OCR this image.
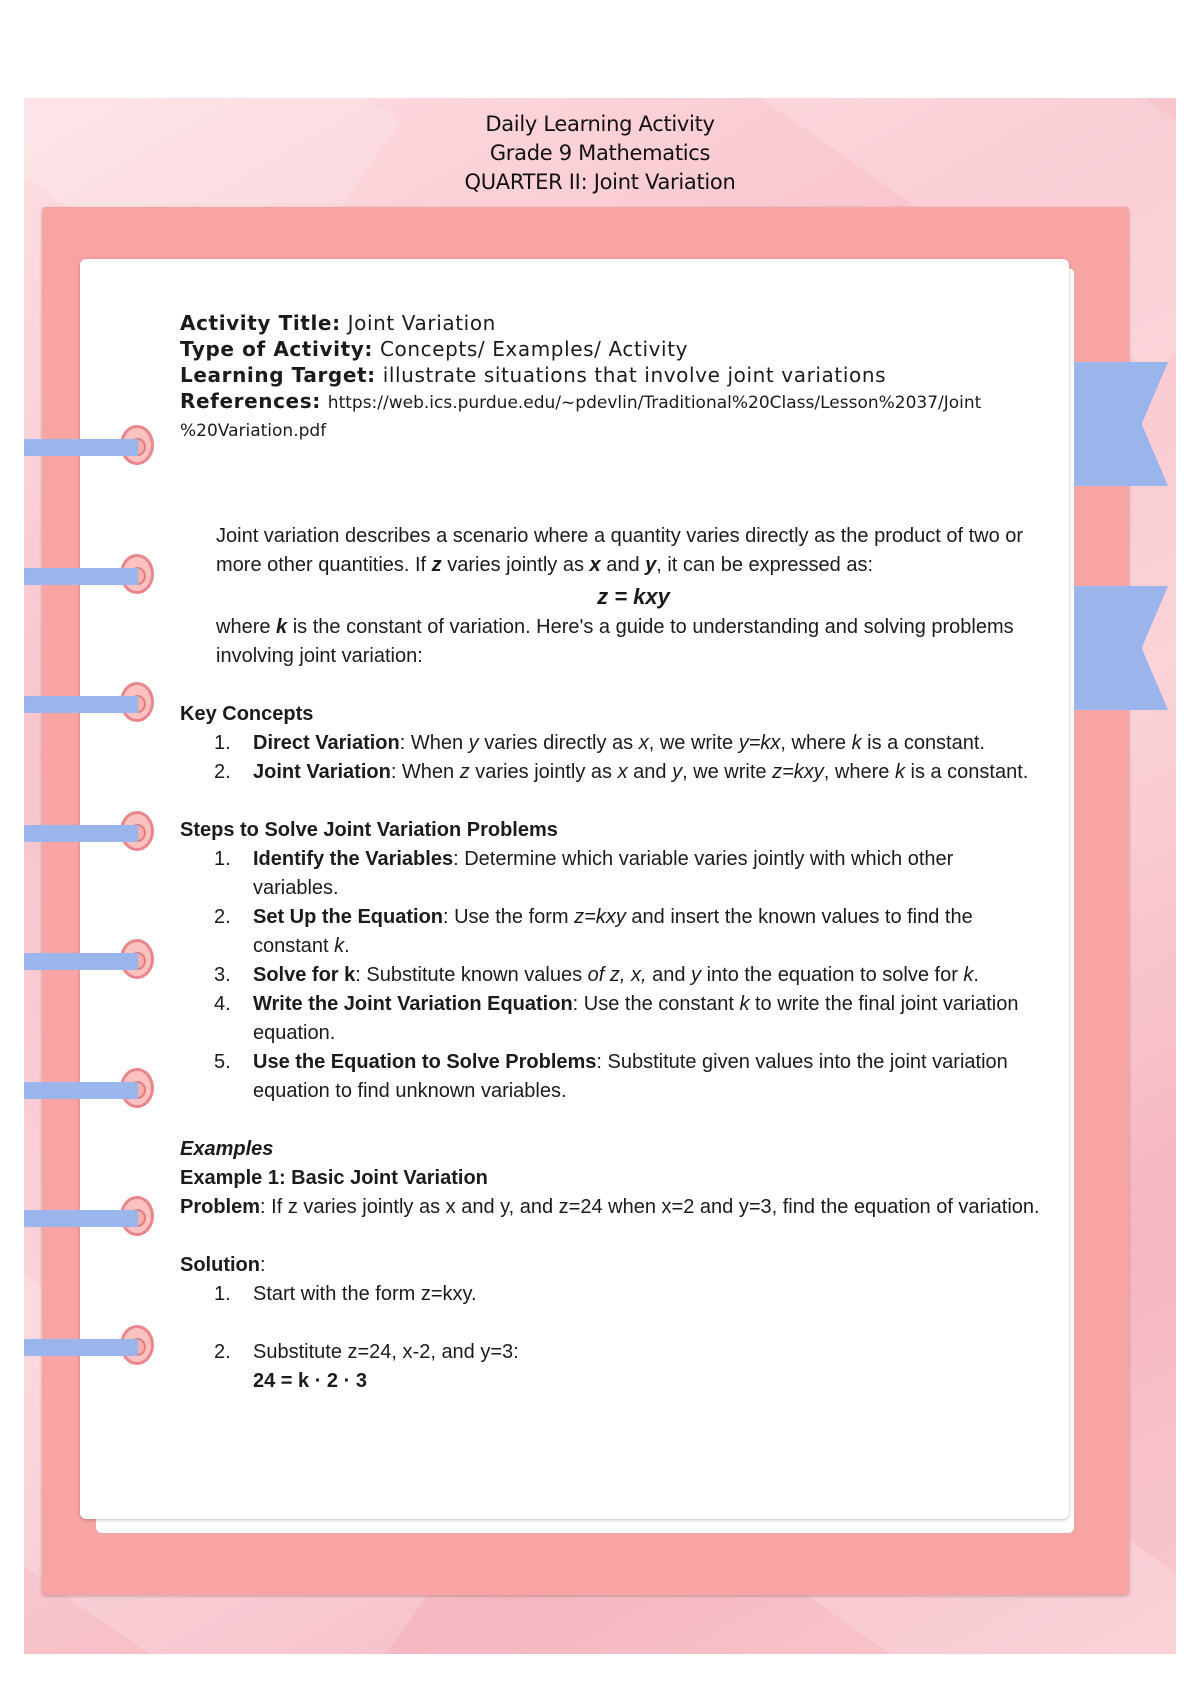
Daily Learning Activity
Grade 9 Mathematics
QUARTER II: Joint Variation
Activity Title: Joint Variation
Type of Activity: Concepts/ Examples/ Activity
Learning Target: illustrate situations that involve joint variations
References: https://web.ics.purdue.edu/~pdevlin/Traditional%20Class/Lesson%2037/Joint %20Variation.pdf
Joint variation describes a scenario where a quantity varies directly as the product of two or more other quantities. If z varies jointly as x and y, it can be expressed as:
z = kxy
where k is the constant of variation. Here's a guide to understanding and solving problems involving joint variation:
Key Concepts
1. Direct Variation: When y varies directly as x, we write y=kx, where k is a constant.
2. Joint Variation: When z varies jointly as x and y, we write z=kxy, where k is a constant.
Steps to Solve Joint Variation Problems
1. Identify the Variables: Determine which variable varies jointly with which other variables.
2. Set Up the Equation: Use the form z=kxy and insert the known values to find the constant k.
3. Solve for k: Substitute known values of z, x, and y into the equation to solve for k.
4. Write the Joint Variation Equation: Use the constant k to write the final joint variation equation.
5. Use the Equation to Solve Problems: Substitute given values into the joint variation equation to find unknown variables.
Examples
Example 1: Basic Joint Variation
Problem: If z varies jointly as x and y, and z=24 when x=2 and y=3, find the equation of variation.
Solution:
1. Start with the form z=kxy.
2. Substitute z=24, x-2, and y=3:
24 = k · 2 · 3
